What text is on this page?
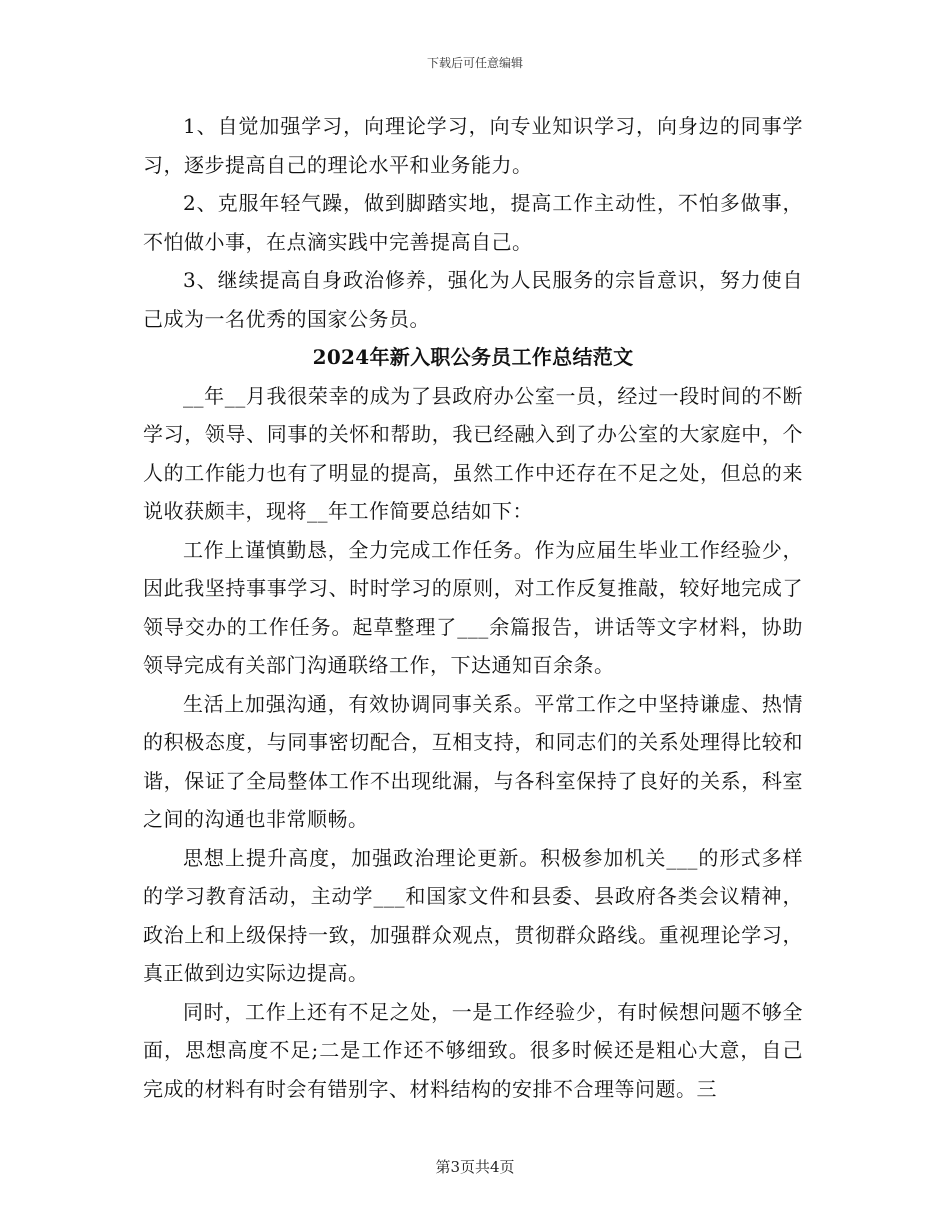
下载后可任意编辑

1、自觉加强学习，向理论学习，向专业知识学习，向身边的同事学习，逐步提高自己的理论水平和业务能力。

2、克服年轻气躁，做到脚踏实地，提高工作主动性，不怕多做事，不怕做小事，在点滴实践中完善提高自己。

3、继续提高自身政治修养，强化为人民服务的宗旨意识，努力使自己成为一名优秀的国家公务员。

2024年新入职公务员工作总结范文

__年__月我很荣幸的成为了县政府办公室一员，经过一段时间的不断学习，领导、同事的关怀和帮助，我已经融入到了办公室的大家庭中，个人的工作能力也有了明显的提高，虽然工作中还存在不足之处，但总的来说收获颇丰，现将__年工作简要总结如下：

工作上谨慎勤恳，全力完成工作任务。作为应届生毕业工作经验少，因此我坚持事事学习、时时学习的原则，对工作反复推敲，较好地完成了领导交办的工作任务。起草整理了___余篇报告，讲话等文字材料，协助领导完成有关部门沟通联络工作，下达通知百余条。

生活上加强沟通，有效协调同事关系。平常工作之中坚持谦虚、热情的积极态度，与同事密切配合，互相支持，和同志们的关系处理得比较和谐，保证了全局整体工作不出现纰漏，与各科室保持了良好的关系，科室之间的沟通也非常顺畅。

思想上提升高度，加强政治理论更新。积极参加机关___的形式多样的学习教育活动，主动学___和国家文件和县委、县政府各类会议精神，政治上和上级保持一致，加强群众观点，贯彻群众路线。重视理论学习，真正做到边实际边提高。

同时，工作上还有不足之处，一是工作经验少，有时候想问题不够全面，思想高度不足;二是工作还不够细致。很多时候还是粗心大意，自己完成的材料有时会有错别字、材料结构的安排不合理等问题。三

第3页共4页
